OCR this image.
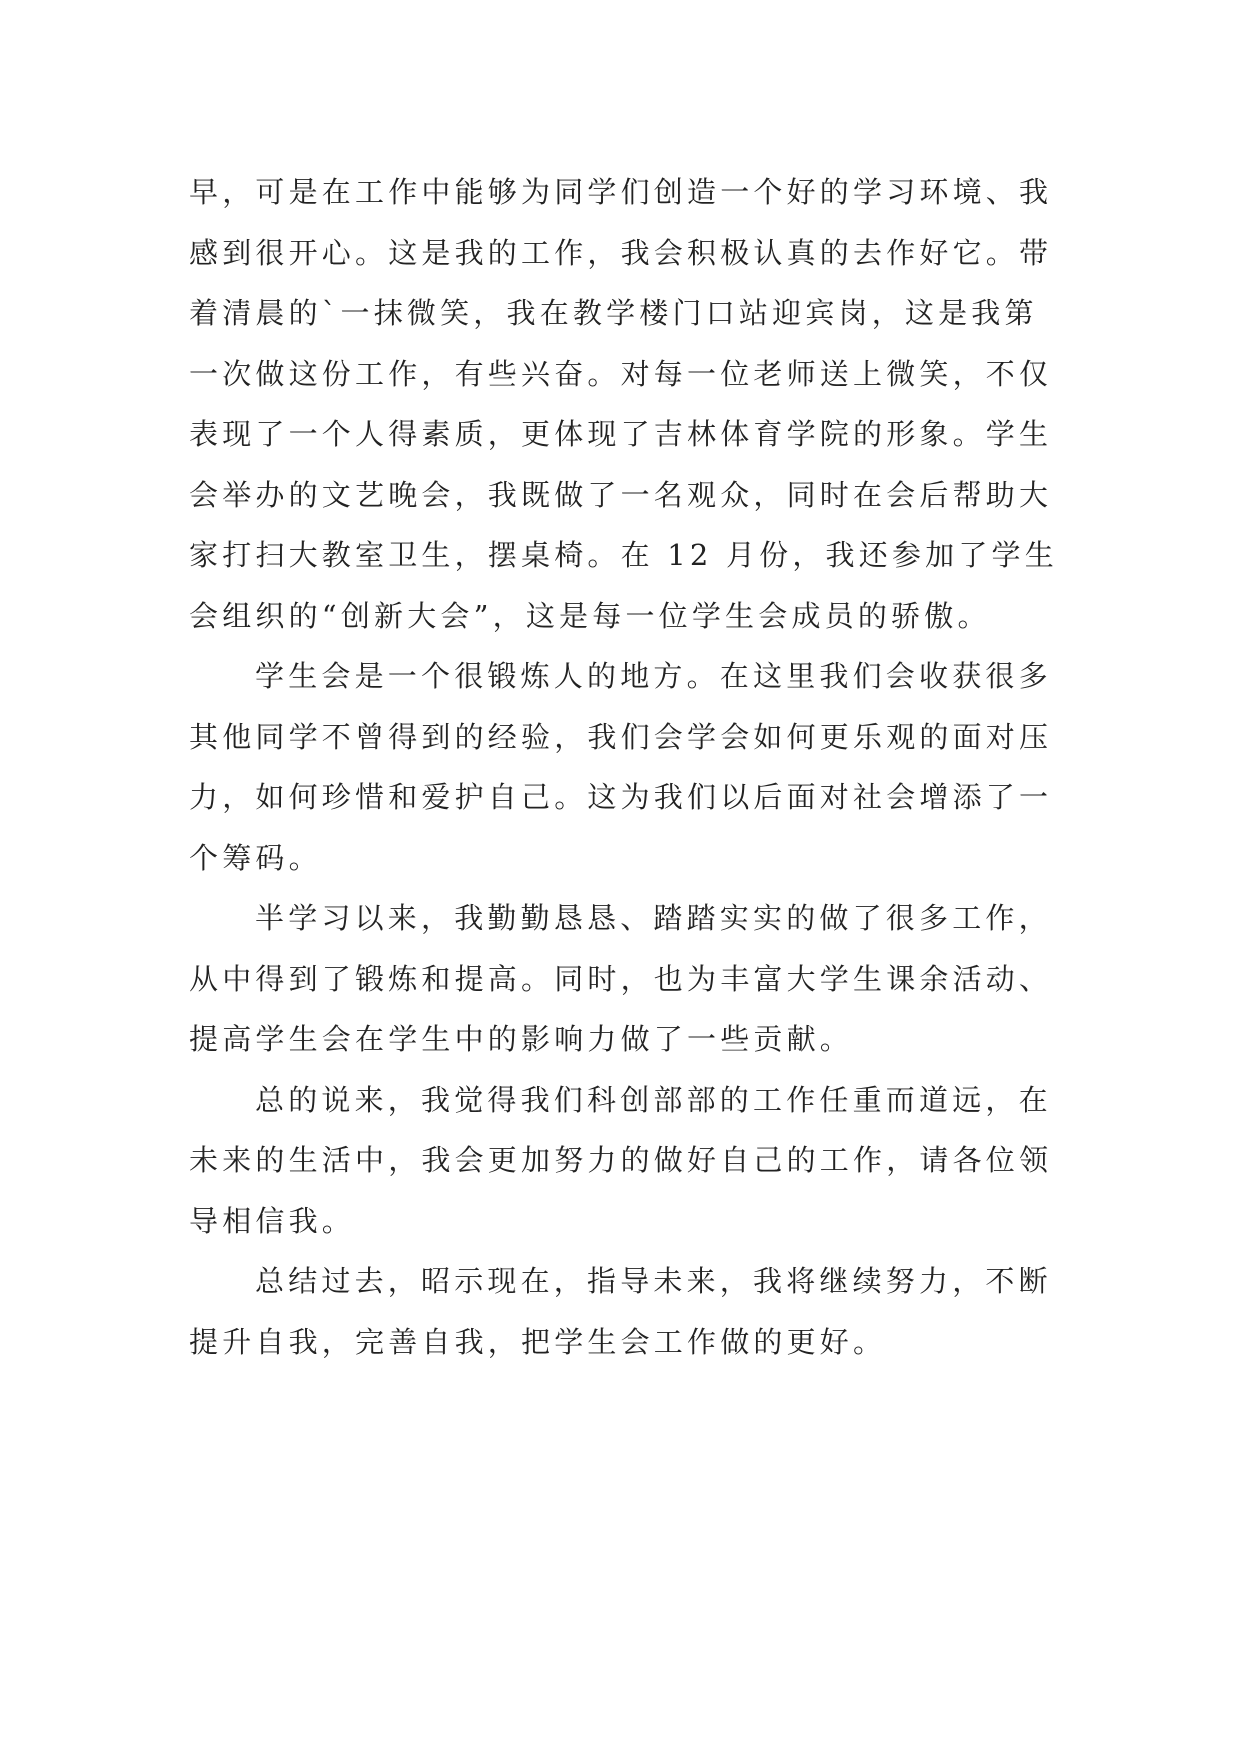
早，可是在工作中能够为同学们创造一个好的学习环境、我
感到很开心。这是我的工作，我会积极认真的去作好它。带
着清晨的`一抹微笑，我在教学楼门口站迎宾岗，这是我第
一次做这份工作，有些兴奋。对每一位老师送上微笑，不仅
表现了一个人得素质，更体现了吉林体育学院的形象。学生
会举办的文艺晚会，我既做了一名观众，同时在会后帮助大
家打扫大教室卫生，摆桌椅。在 12 月份，我还参加了学生
会组织的“创新大会”，这是每一位学生会成员的骄傲。
学生会是一个很锻炼人的地方。在这里我们会收获很多
其他同学不曾得到的经验，我们会学会如何更乐观的面对压
力，如何珍惜和爱护自己。这为我们以后面对社会增添了一
个筹码。
半学习以来，我勤勤恳恳、踏踏实实的做了很多工作，
从中得到了锻炼和提高。同时，也为丰富大学生课余活动、
提高学生会在学生中的影响力做了一些贡献。
总的说来，我觉得我们科创部部的工作任重而道远，在
未来的生活中，我会更加努力的做好自己的工作，请各位领
导相信我。
总结过去，昭示现在，指导未来，我将继续努力，不断
提升自我，完善自我，把学生会工作做的更好。
